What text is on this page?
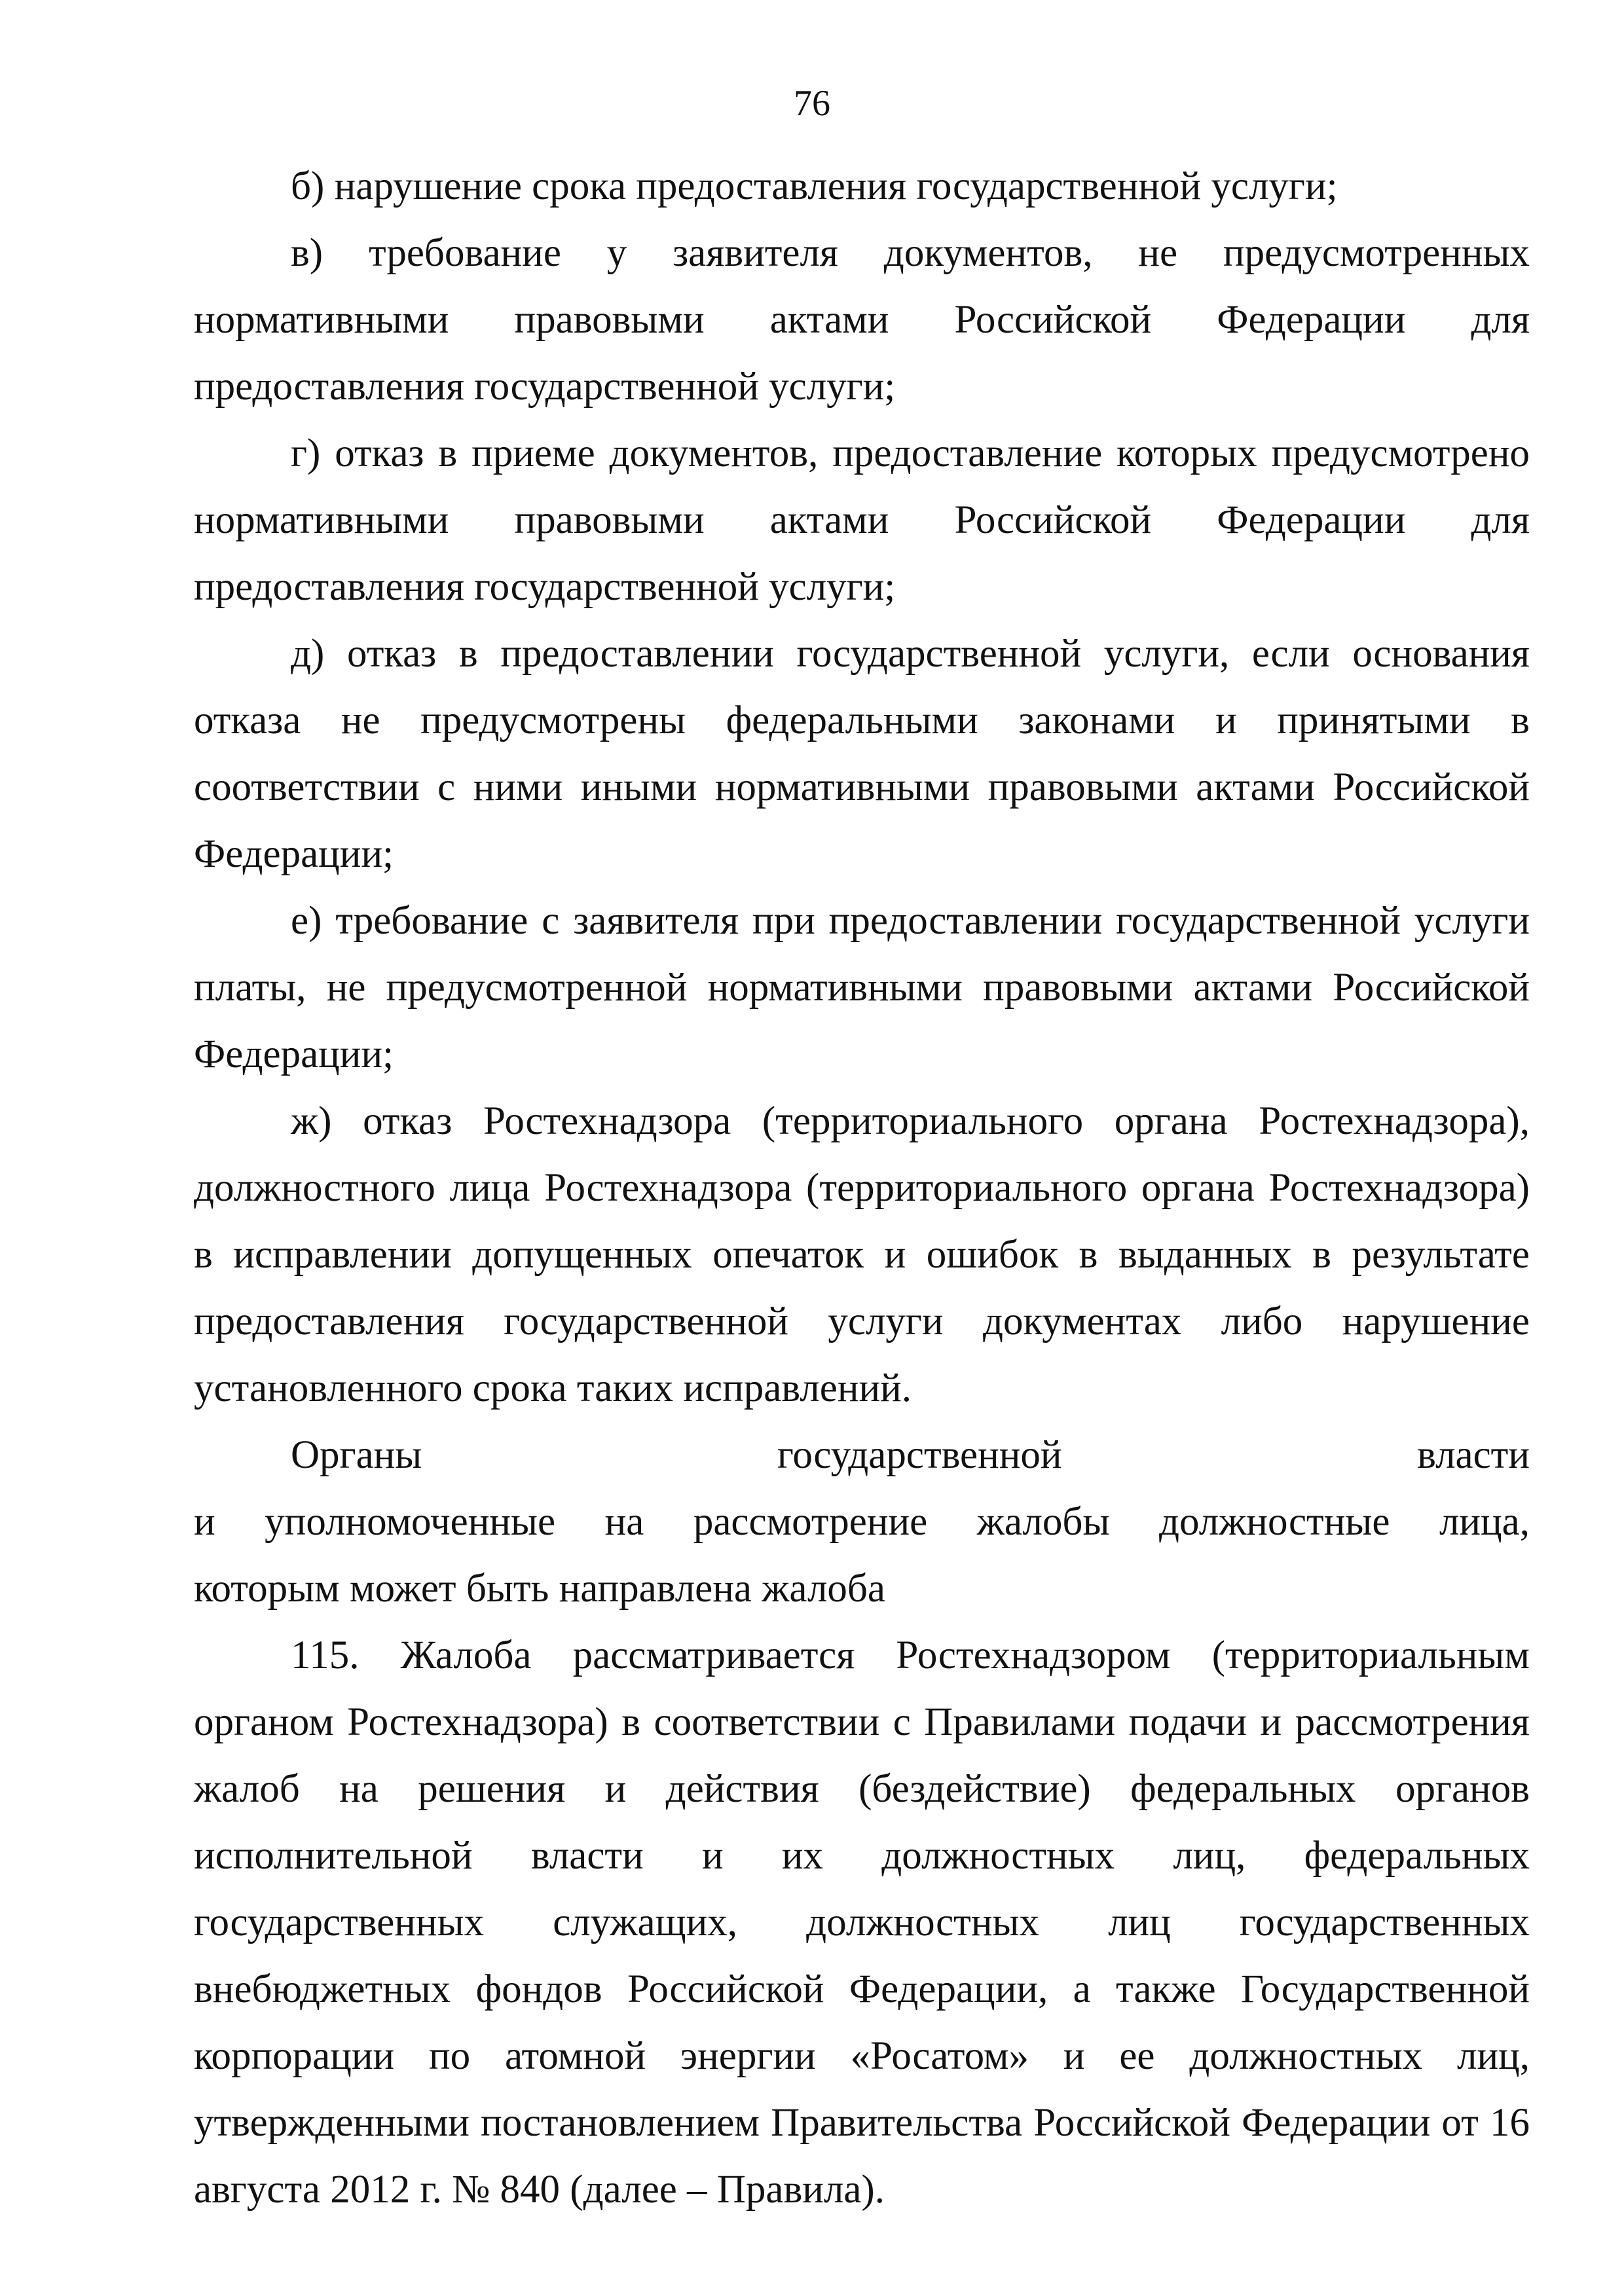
76

б) нарушение срока предоставления государственной услуги;

в) требование у заявителя документов, не предусмотренных нормативными правовыми актами Российской Федерации для предоставления государственной услуги;

г) отказ в приеме документов, предоставление которых предусмотрено нормативными правовыми актами Российской Федерации для предоставления государственной услуги;

д) отказ в предоставлении государственной услуги, если основания отказа не предусмотрены федеральными законами и принятыми в соответствии с ними иными нормативными правовыми актами Российской Федерации;

е) требование с заявителя при предоставлении государственной услуги платы, не предусмотренной нормативными правовыми актами Российской Федерации;

ж) отказ Ростехнадзора (территориального органа Ростехнадзора), должностного лица Ростехнадзора (территориального органа Ростехнадзора) в исправлении допущенных опечаток и ошибок в выданных в результате предоставления государственной услуги документах либо нарушение установленного срока таких исправлений.

Органы государственной власти
и уполномоченные на рассмотрение жалобы должностные лица,
которым может быть направлена жалоба

115. Жалоба рассматривается Ростехнадзором (территориальным органом Ростехнадзора) в соответствии с Правилами подачи и рассмотрения жалоб на решения и действия (бездействие) федеральных органов исполнительной власти и их должностных лиц, федеральных государственных служащих, должностных лиц государственных внебюджетных фондов Российской Федерации, а также Государственной корпорации по атомной энергии «Росатом» и ее должностных лиц, утвержденными постановлением Правительства Российской Федерации от 16 августа 2012 г. № 840 (далее – Правила).
